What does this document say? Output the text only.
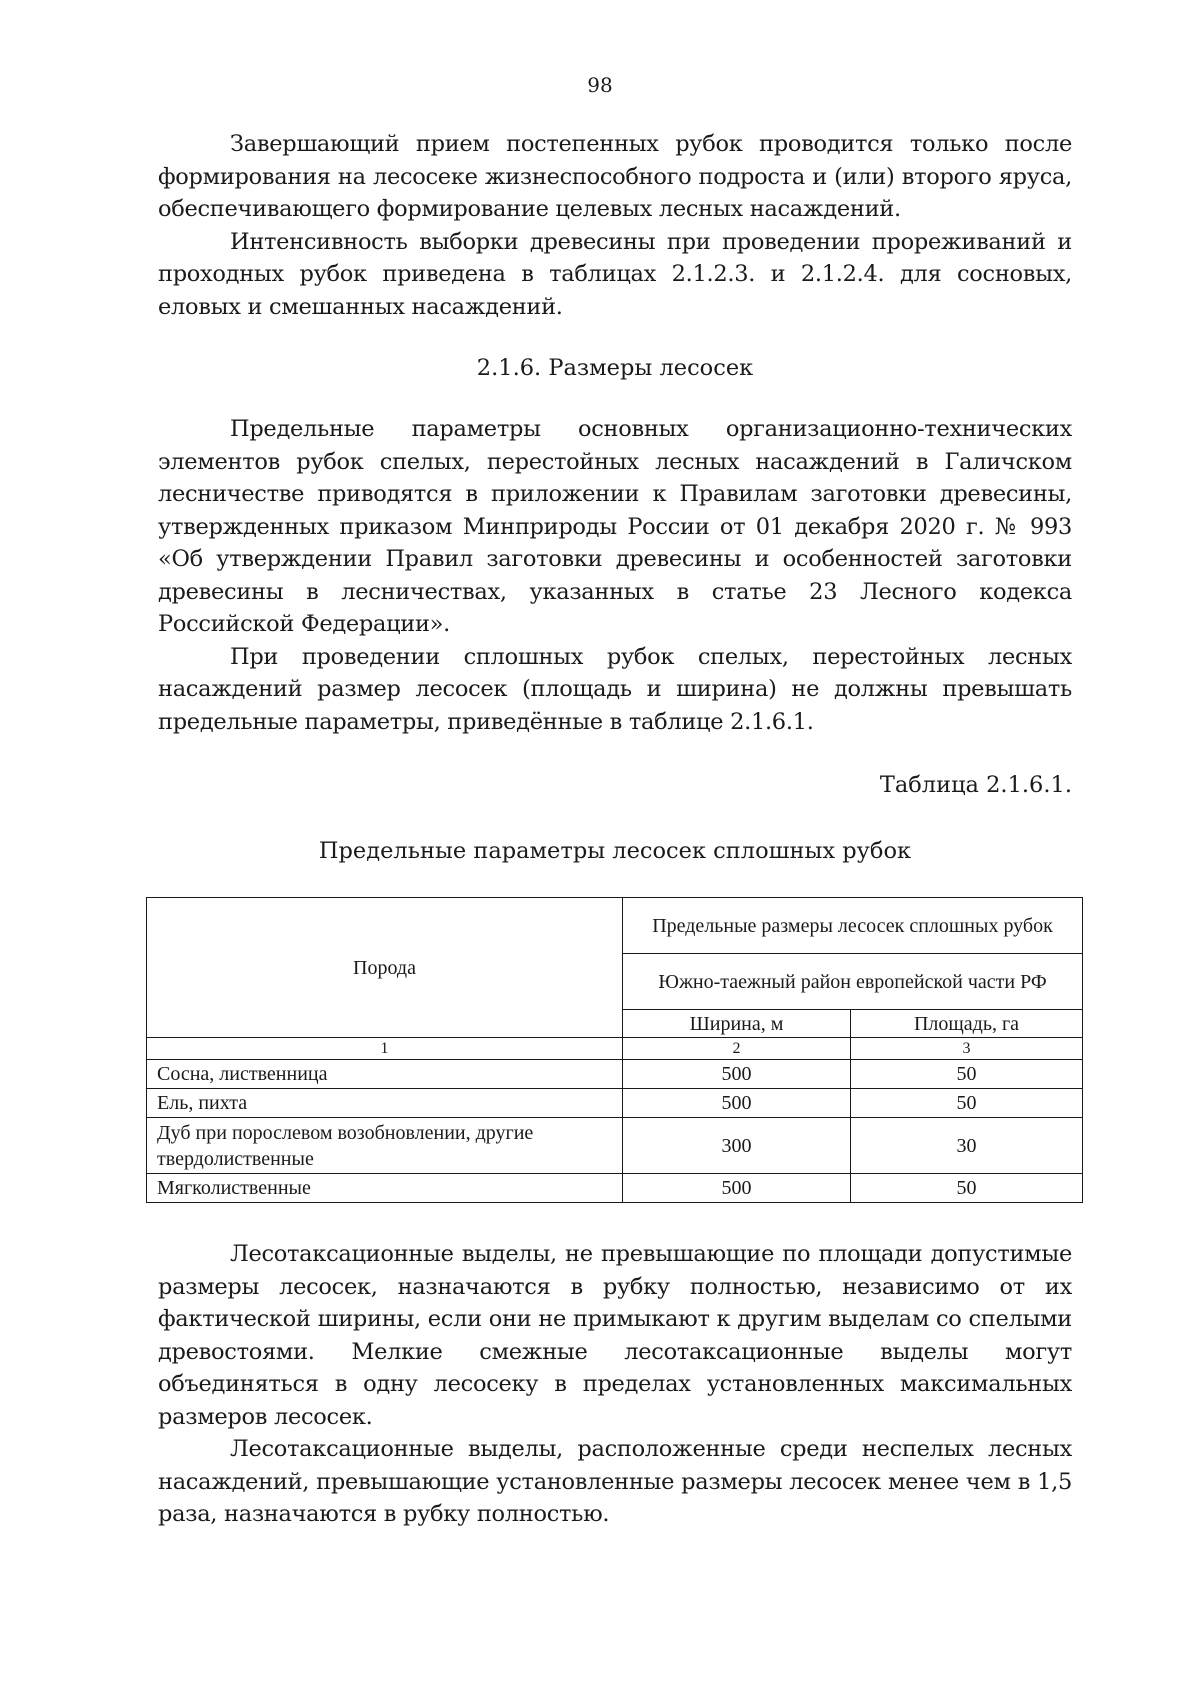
98

Завершающий прием постепенных рубок проводится только после формирования на лесосеке жизнеспособного подроста и (или) второго яруса, обеспечивающего формирование целевых лесных насаждений.

Интенсивность выборки древесины при проведении прореживаний и проходных рубок приведена в таблицах 2.1.2.3. и 2.1.2.4. для сосновых, еловых и смешанных насаждений.

2.1.6. Размеры лесосек

Предельные параметры основных организационно-технических элементов рубок спелых, перестойных лесных насаждений в Галичском лесничестве приводятся в приложении к Правилам заготовки древесины, утвержденных приказом Минприроды России от 01 декабря 2020 г. № 993 «Об утверждении Правил заготовки древесины и особенностей заготовки древесины в лесничествах, указанных в статье 23 Лесного кодекса Российской Федерации».

При проведении сплошных рубок спелых, перестойных лесных насаждений размер лесосек (площадь и ширина) не должны превышать предельные параметры, приведённые в таблице 2.1.6.1.

Таблица 2.1.6.1.
Предельные параметры лесосек сплошных рубок
Порода	Предельные размеры лесосек сплошных рубок	
	Южно-таежный район европейской части РФ	
	Ширина, м	Площадь, га
1	2	3
Сосна, лиственница	500	50
Ель, пихта	500	50
Дуб при порослевом возобновлении, другие твердолиственные	300	30
Мягколиственные	500	50

Лесотаксационные выделы, не превышающие по площади допустимые размеры лесосек, назначаются в рубку полностью, независимо от их фактической ширины, если они не примыкают к другим выделам со спелыми древостоями. Мелкие смежные лесотаксационные выделы могут объединяться в одну лесосеку в пределах установленных максимальных размеров лесосек.

Лесотаксационные выделы, расположенные среди неспелых лесных насаждений, превышающие установленные размеры лесосек менее чем в 1,5 раза, назначаются в рубку полностью.
